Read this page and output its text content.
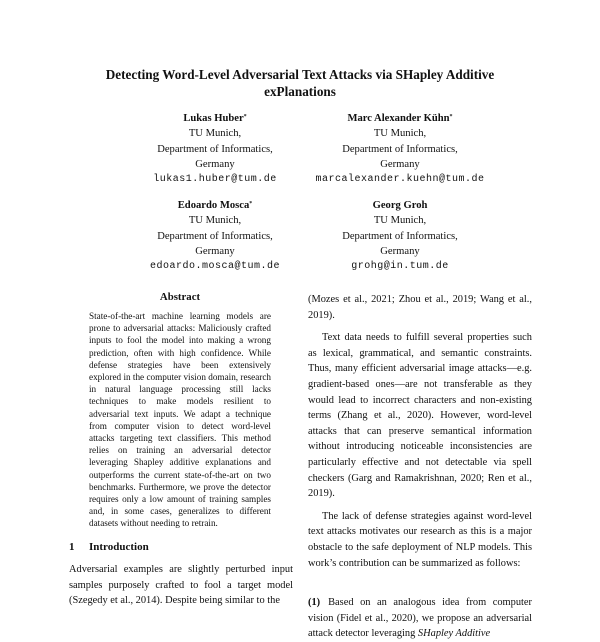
Detecting Word-Level Adversarial Text Attacks via SHapley Additive
exPlanations
Lukas Huber*
TU Munich,
Department of Informatics,
Germany
lukas1.huber@tum.de
Marc Alexander Kühn*
TU Munich,
Department of Informatics,
Germany
marcalexander.kuehn@tum.de
Edoardo Mosca*
TU Munich,
Department of Informatics,
Germany
edoardo.mosca@tum.de
Georg Groh
TU Munich,
Department of Informatics,
Germany
grohg@in.tum.de
Abstract
State-of-the-art machine learning models are prone to adversarial attacks: Maliciously crafted inputs to fool the model into making a wrong prediction, often with high confidence. While defense strategies have been extensively explored in the computer vision domain, research in natural language processing still lacks techniques to make models resilient to adversarial text inputs. We adapt a technique from computer vision to detect word-level attacks targeting text classifiers. This method relies on training an adversarial detector leveraging Shapley additive explanations and outperforms the current state-of-the-art on two benchmarks. Furthermore, we prove the detector requires only a low amount of training samples and, in some cases, generalizes to different datasets without needing to retrain.
1 Introduction
Adversarial examples are slightly perturbed input samples purposely crafted to fool a target model (Szegedy et al., 2014). Despite being similar to the

(Mozes et al., 2021; Zhou et al., 2019; Wang et al., 2019).

Text data needs to fulfill several properties such as lexical, grammatical, and semantic constraints. Thus, many efficient adversarial image attacks—e.g. gradient-based ones—are not transferable as they would lead to incorrect characters and non-existing terms (Zhang et al., 2020). However, word-level attacks that can preserve semantical information without introducing noticeable inconsistencies are particularly effective and not detectable via spell checkers (Garg and Ramakrishnan, 2020; Ren et al., 2019).

The lack of defense strategies against word-level text attacks motivates our research as this is a major obstacle to the safe deployment of NLP models. This work’s contribution can be summarized as follows:

(1) Based on an analogous idea from computer vision (Fidel et al., 2020), we propose an adversarial attack detector leveraging SHapley Additive
